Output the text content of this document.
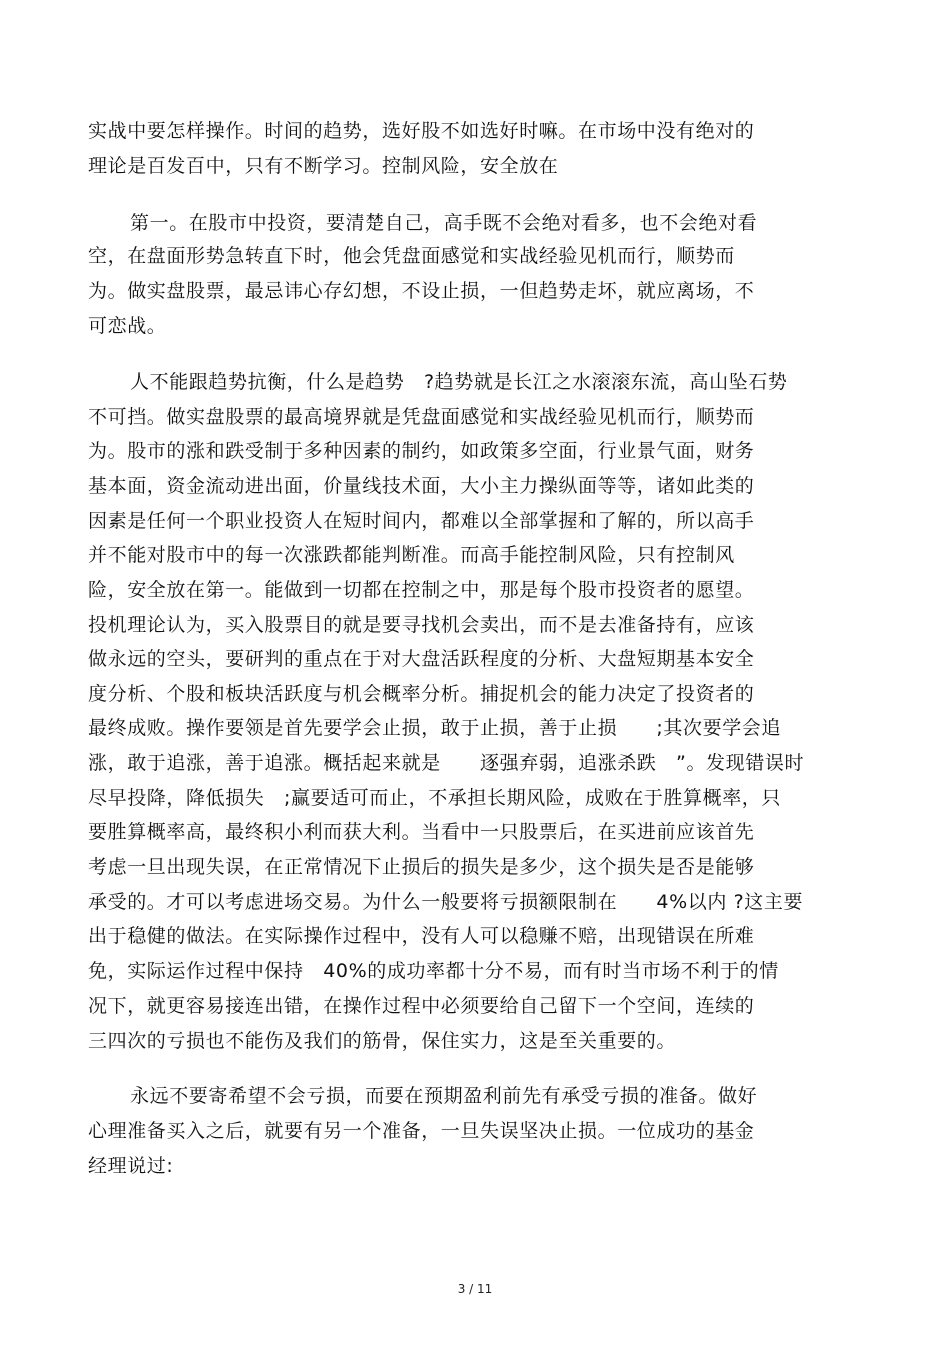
实战中要怎样操作。时间的趋势，选好股不如选好时嘛。在市场中没有绝对的
理论是百发百中，只有不断学习。控制风险，安全放在
第一。在股市中投资，要清楚自己，高手既不会绝对看多，也不会绝对看
空，在盘面形势急转直下时，他会凭盘面感觉和实战经验见机而行，顺势而
为。做实盘股票，最忌讳心存幻想，不设止损，一但趋势走坏，就应离场，不
可恋战。
人不能跟趋势抗衡，什么是趋势　?趋势就是长江之水滚滚东流，高山坠石势
不可挡。做实盘股票的最高境界就是凭盘面感觉和实战经验见机而行，顺势而
为。股市的涨和跌受制于多种因素的制约，如政策多空面，行业景气面，财务
基本面，资金流动进出面，价量线技术面，大小主力操纵面等等，诸如此类的
因素是任何一个职业投资人在短时间内，都难以全部掌握和了解的，所以高手
并不能对股市中的每一次涨跌都能判断准。而高手能控制风险，只有控制风
险，安全放在第一。能做到一切都在控制之中，那是每个股市投资者的愿望。
投机理论认为，买入股票目的就是要寻找机会卖出，而不是去准备持有，应该
做永远的空头，要研判的重点在于对大盘活跃程度的分析、大盘短期基本安全
度分析、个股和板块活跃度与机会概率分析。捕捉机会的能力决定了投资者的
最终成败。操作要领是首先要学会止损，敢于止损，善于止损　　;其次要学会追
涨，敢于追涨，善于追涨。概括起来就是　　逐强弃弱，追涨杀跌　”。发现错误时
尽早投降，降低损失　;赢要适可而止，不承担长期风险，成败在于胜算概率，只
要胜算概率高，最终积小利而获大利。当看中一只股票后，在买进前应该首先
考虑一旦出现失误，在正常情况下止损后的损失是多少，这个损失是否是能够
承受的。才可以考虑进场交易。为什么一般要将亏损额限制在　　4%以内 ?这主要
出于稳健的做法。在实际操作过程中，没有人可以稳赚不赔，出现错误在所难
免，实际运作过程中保持　40%的成功率都十分不易，而有时当市场不利于的情
况下，就更容易接连出错，在操作过程中必须要给自己留下一个空间，连续的
三四次的亏损也不能伤及我们的筋骨，保住实力，这是至关重要的。
永远不要寄希望不会亏损，而要在预期盈利前先有承受亏损的准备。做好
心理准备买入之后，就要有另一个准备，一旦失误坚决止损。一位成功的基金
经理说过:
3 / 11
